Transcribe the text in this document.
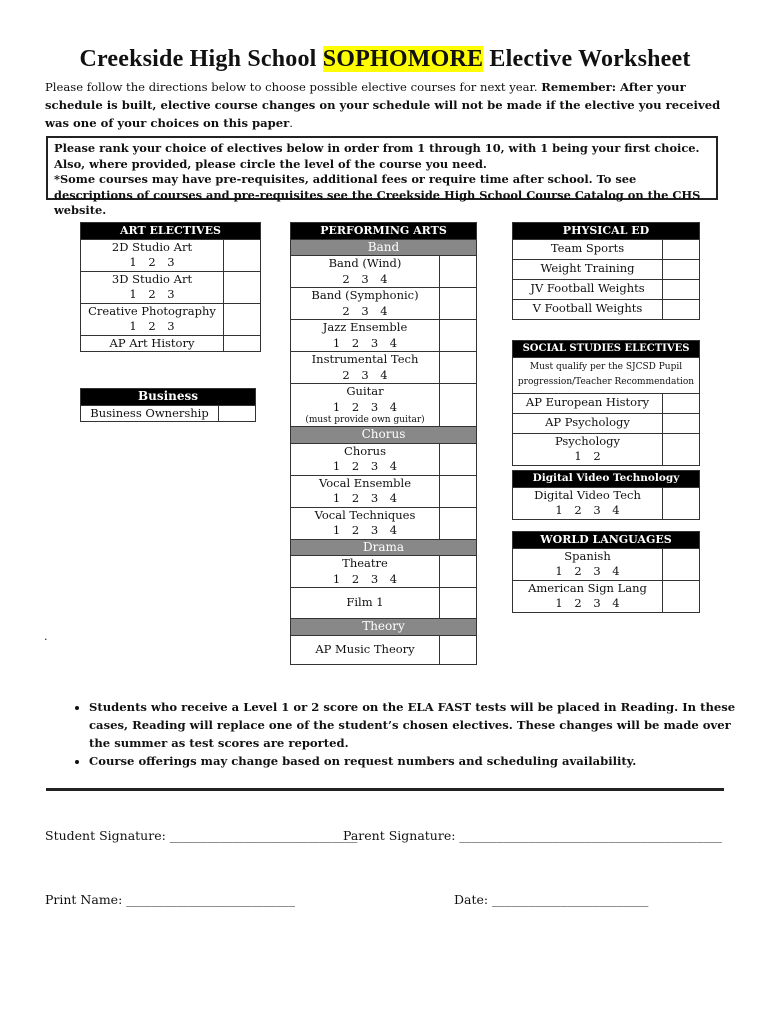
Creekside High School SOPHOMORE Elective Worksheet
Please follow the directions below to choose possible elective courses for next year. Remember: After your schedule is built, elective course changes on your schedule will not be made if the elective you received was one of your choices on this paper.
Please rank your choice of electives below in order from 1 through 10, with 1 being your first choice. Also, where provided, please circle the level of the course you need.
*Some courses may have pre-requisites, additional fees or require time after school. To see descriptions of courses and pre-requisites see the Creekside High School Course Catalog on the CHS website.
ART ELECTIVES	

2D Studio Art
1 2 3	

3D Studio Art
1 2 3	

Creative Photography
1 2 3	

AP Art History	

Business

Business Ownership

PERFORMING ARTS	
Band	

Band (Wind)
2 3 4	

Band (Symphonic)
2 3 4	

Jazz Ensemble
1 2 3 4	

Instrumental Tech
2 3 4	

Guitar
1 2 3 4
(must provide own guitar)	

Chorus	

Chorus
1 2 3 4	

Vocal Ensemble
1 2 3 4	

Vocal Techniques
1 2 3 4	

Drama	

Theatre
1 2 3 4	

Film 1	

Theory	

AP Music Theory	

PHYSICAL ED	

Team Sports	

Weight Training	

JV Football Weights	

V Football Weights	

SOCIAL STUDIES ELECTIVES	
Must qualify per the SJCSD Pupil progression/Teacher Recommendation	

AP European History	

AP Psychology	

Psychology
1 2	

Digital Video Technology

Digital Video Tech
1 2 3 4

WORLD LANGUAGES	

Spanish
1 2 3 4	

American Sign Lang
1 2 3 4	

.
• Students who receive a Level 1 or 2 score on the ELA FAST tests will be placed in Reading. In these cases, Reading will replace one of the student’s chosen electives. These changes will be made over the summer as test scores are reported.
• Course offerings may change based on request numbers and scheduling availability.
Student Signature: ______________________________
Parent Signature: __________________________________________
Print Name: ___________________________	Date: _________________________
